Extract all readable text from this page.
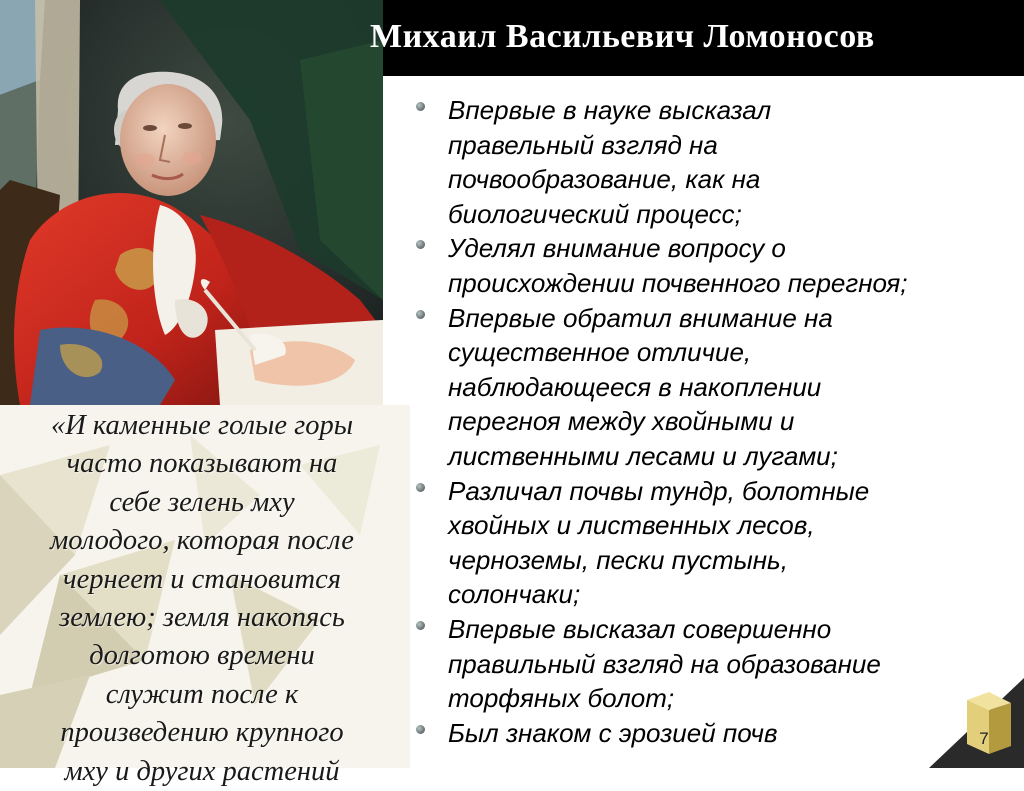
Михаил Васильевич Ломоносов

«И каменные голые горы
часто показывают на
себе зелень мху
молодого, которая после
чернеет и становится
землею; земля накопясь
долготою времени
служит после к
произведению крупного
мху и других растений

Впервые в науке высказал
правельный взгляд на
почвообразование, как на
биологический процесс;
Уделял внимание вопросу о
происхождении почвенного перегноя;
Впервые обратил внимание на
существенное отличие,
наблюдающееся в накоплении
перегноя между хвойными и
лиственными лесами и лугами;
Различал почвы тундр, болотные
хвойных и лиственных лесов,
черноземы, пески пустынь,
солончаки;
Впервые высказал совершенно
правильный взгляд на образование
торфяных болот;
Был знаком с эрозией почв	7
